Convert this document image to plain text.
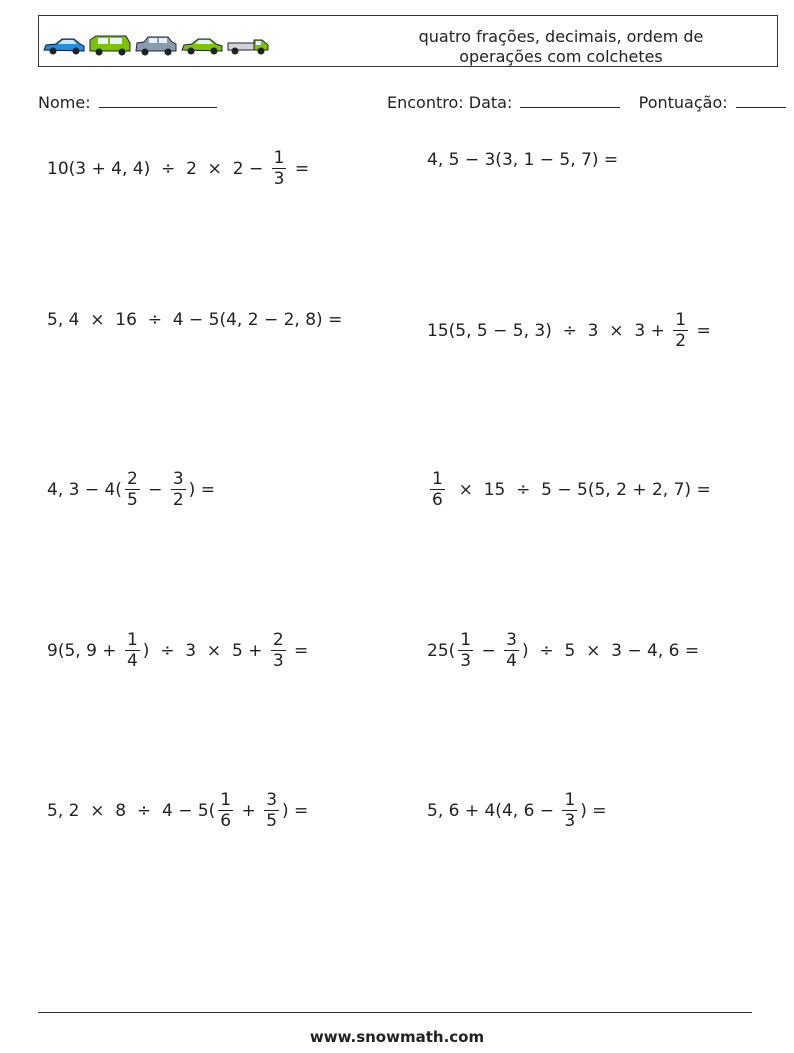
quatro frações, decimais, ordem de
operações com colchetes
Nome:	Encontro: Data:	Pontuação:
10(3 + 4, $4) \div 2 \times 2 - \frac{1}{3}$ =	4, 5 − 3(3, 1 − 5, 7) =
5, 4  ×  16  ÷  4 − 5(4, 2 − 2, 8) =
15(5, 5 − 5, $3) \div 3 \times 3 + \frac{1}{2}$ =
4, $3 - 4( \frac{2}{5} - \frac{3}{2}$ ) =	$\frac{1}{6} \times 15 \div 5 - 5(5$, 2 + 2, 7) =
9(5, $9 + \frac{1}{4}$ )  ÷  $3 \times 5 + \frac{2}{3}$ =	$25( \frac{1}{3} - \frac{3}{4}$ )  ÷  5  ×  3 − 4, 6 =
5, $2 \times 8 \div 4 - 5( \frac{1}{6} + \frac{3}{5}$ ) =	5, 6 + 4(4, $6 - \frac{1}{3}$ ) =
www.snowmath.com
